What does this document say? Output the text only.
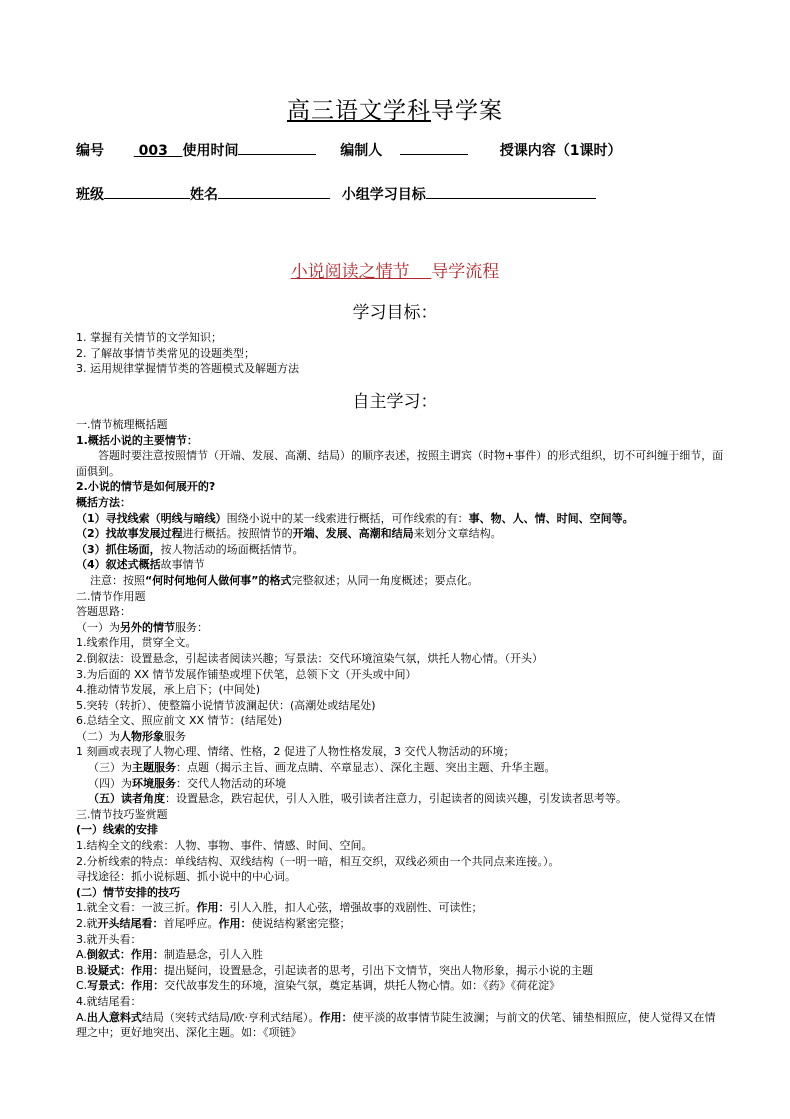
高三语文学科导学案
编号 003 使用时间	编制人	授课内容（1课时）
班级	姓名	小组学习目标
小说阅读之情节 导学流程
学习目标：
1. 掌握有关情节的文学知识；
2. 了解故事情节类常见的设题类型；
3. 运用规律掌握情节类的答题模式及解题方法
自主学习：
一.情节梳理概括题
1.概括小说的主要情节：
答题时要注意按照情节（开端、发展、高潮、结局）的顺序表述，按照主谓宾（时物+事件）的形式组织，切不可纠缠于细节，面面俱到。
2.小说的情节是如何展开的?
概括方法：
（1）寻找线索（明线与暗线）围绕小说中的某一线索进行概括，可作线索的有：事、物、人、情、时间、空间等。
（2）找故事发展过程进行概括。按照情节的开端、发展、高潮和结局来划分文章结构。
（3）抓住场面，按人物活动的场面概括情节。
（4）叙述式概括故事情节
注意：按照“何时何地何人做何事”的格式完整叙述；从同一角度概述；要点化。
二.情节作用题
答题思路：
（一）为另外的情节服务：
1.线索作用，贯穿全文。
2.倒叙法：设置悬念，引起读者阅读兴趣；写景法：交代环境渲染气氛，烘托人物心情。（开头）
3.为后面的 XX 情节发展作铺垫或埋下伏笔，总领下文（开头或中间）
4.推动情节发展，承上启下；(中间处)
5.突转（转折）、使整篇小说情节波澜起伏：(高潮处或结尾处)
6.总结全文、照应前文 XX 情节：(结尾处)
（二）为人物形象服务
1 刻画或表现了人物心理、情绪、性格，2 促进了人物性格发展，3 交代人物活动的环境；
（三）为主题服务：点题（揭示主旨、画龙点睛、卒章显志）、深化主题、突出主题、升华主题。
（四）为环境服务：交代人物活动的环境
（五）读者角度：设置悬念，跌宕起伏，引人入胜，吸引读者注意力，引起读者的阅读兴趣，引发读者思考等。
三.情节技巧鉴赏题
(一）线索的安排
1.结构全文的线索：人物、事物、事件、情感、时间、空间。
2.分析线索的特点：单线结构、双线结构（一明一暗，相互交织，双线必须由一个共同点来连接。）。
寻找途径：抓小说标题、抓小说中的中心词。
(二）情节安排的技巧
1.就全文看：一波三折。作用：引人入胜，扣人心弦，增强故事的戏剧性、可读性；
2.就开头结尾看：首尾呼应。作用：使说结构紧密完整；
3.就开头看：
A.倒叙式：作用：制造悬念，引人入胜
B.设疑式：作用：提出疑问，设置悬念，引起读者的思考，引出下文情节，突出人物形象，揭示小说的主题
C.写景式：作用：交代故事发生的环境，渲染气氛，奠定基调，烘托人物心情。如：《药》《荷花淀》
4.就结尾看：
A.出人意料式结局（突转式结局/欧·亨利式结尾）。作用：使平淡的故事情节陡生波澜；与前文的伏笔、铺垫相照应，使人觉得又在情理之中；更好地突出、深化主题。如：《项链》
